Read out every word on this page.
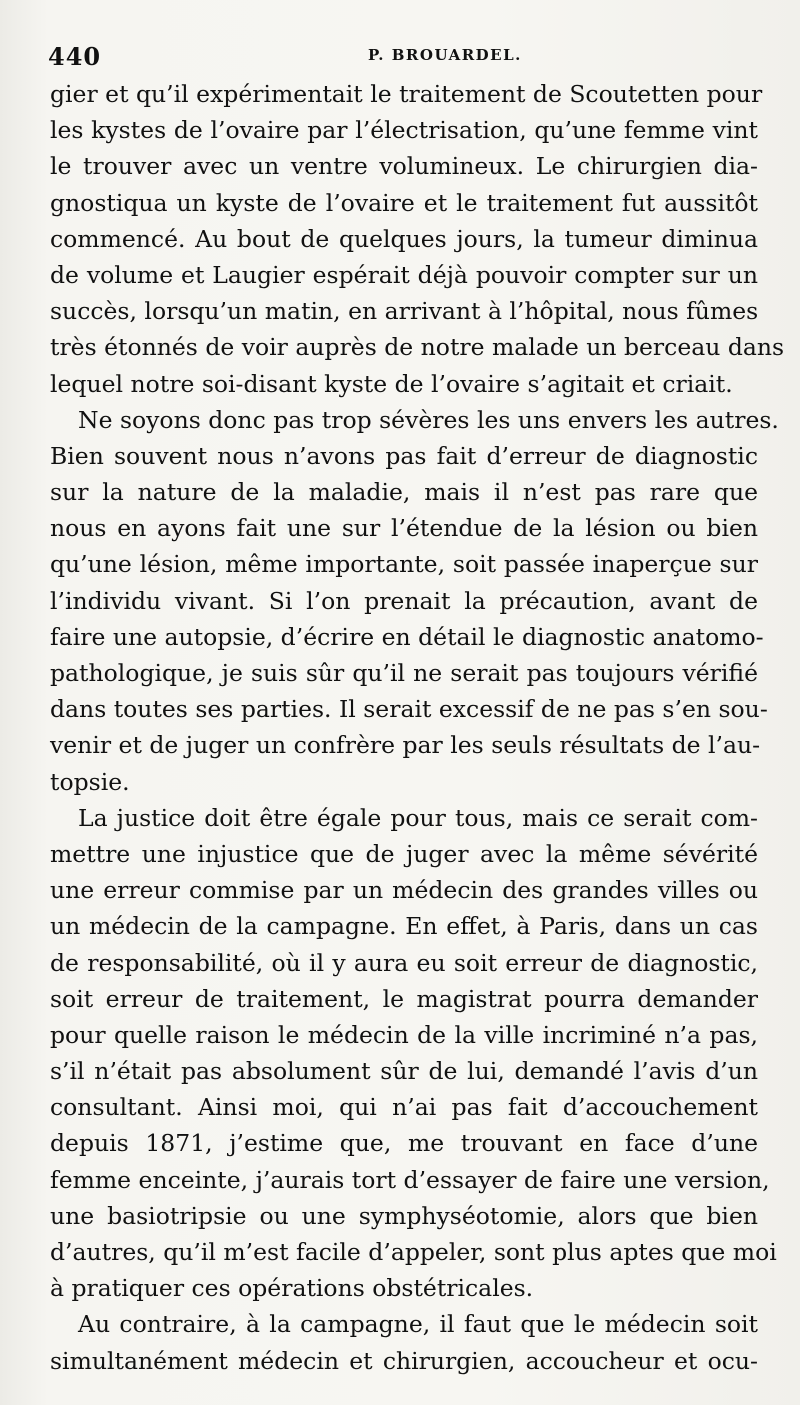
440	P. BROUARDEL.
gier et qu’il expérimentait le traitement de Scoutetten pour
les kystes de l’ovaire par l’électrisation, qu’une femme vint
le trouver avec un ventre volumineux. Le chirurgien dia-
gnostiqua un kyste de l’ovaire et le traitement fut aussitôt
commencé. Au bout de quelques jours, la tumeur diminua
de volume et Laugier espérait déjà pouvoir compter sur un
succès, lorsqu’un matin, en arrivant à l’hôpital, nous fûmes
très étonnés de voir auprès de notre malade un berceau dans
lequel notre soi-disant kyste de l’ovaire s’agitait et criait.
Ne soyons donc pas trop sévères les uns envers les autres.
Bien souvent nous n’avons pas fait d’erreur de diagnostic
sur la nature de la maladie, mais il n’est pas rare que
nous en ayons fait une sur l’étendue de la lésion ou bien
qu’une lésion, même importante, soit passée inaperçue sur
l’individu vivant. Si l’on prenait la précaution, avant de
faire une autopsie, d’écrire en détail le diagnostic anatomo-
pathologique, je suis sûr qu’il ne serait pas toujours vérifié
dans toutes ses parties. Il serait excessif de ne pas s’en sou-
venir et de juger un confrère par les seuls résultats de l’au-
topsie.
La justice doit être égale pour tous, mais ce serait com-
mettre une injustice que de juger avec la même sévérité
une erreur commise par un médecin des grandes villes ou
un médecin de la campagne. En effet, à Paris, dans un cas
de responsabilité, où il y aura eu soit erreur de diagnostic,
soit erreur de traitement, le magistrat pourra demander
pour quelle raison le médecin de la ville incriminé n’a pas,
s’il n’était pas absolument sûr de lui, demandé l’avis d’un
consultant. Ainsi moi, qui n’ai pas fait d’accouchement
depuis 1871, j’estime que, me trouvant en face d’une
femme enceinte, j’aurais tort d’essayer de faire une version,
une basiotripsie ou une symphyséotomie, alors que bien
d’autres, qu’il m’est facile d’appeler, sont plus aptes que moi
à pratiquer ces opérations obstétricales.
Au contraire, à la campagne, il faut que le médecin soit
simultanément médecin et chirurgien, accoucheur et ocu-
